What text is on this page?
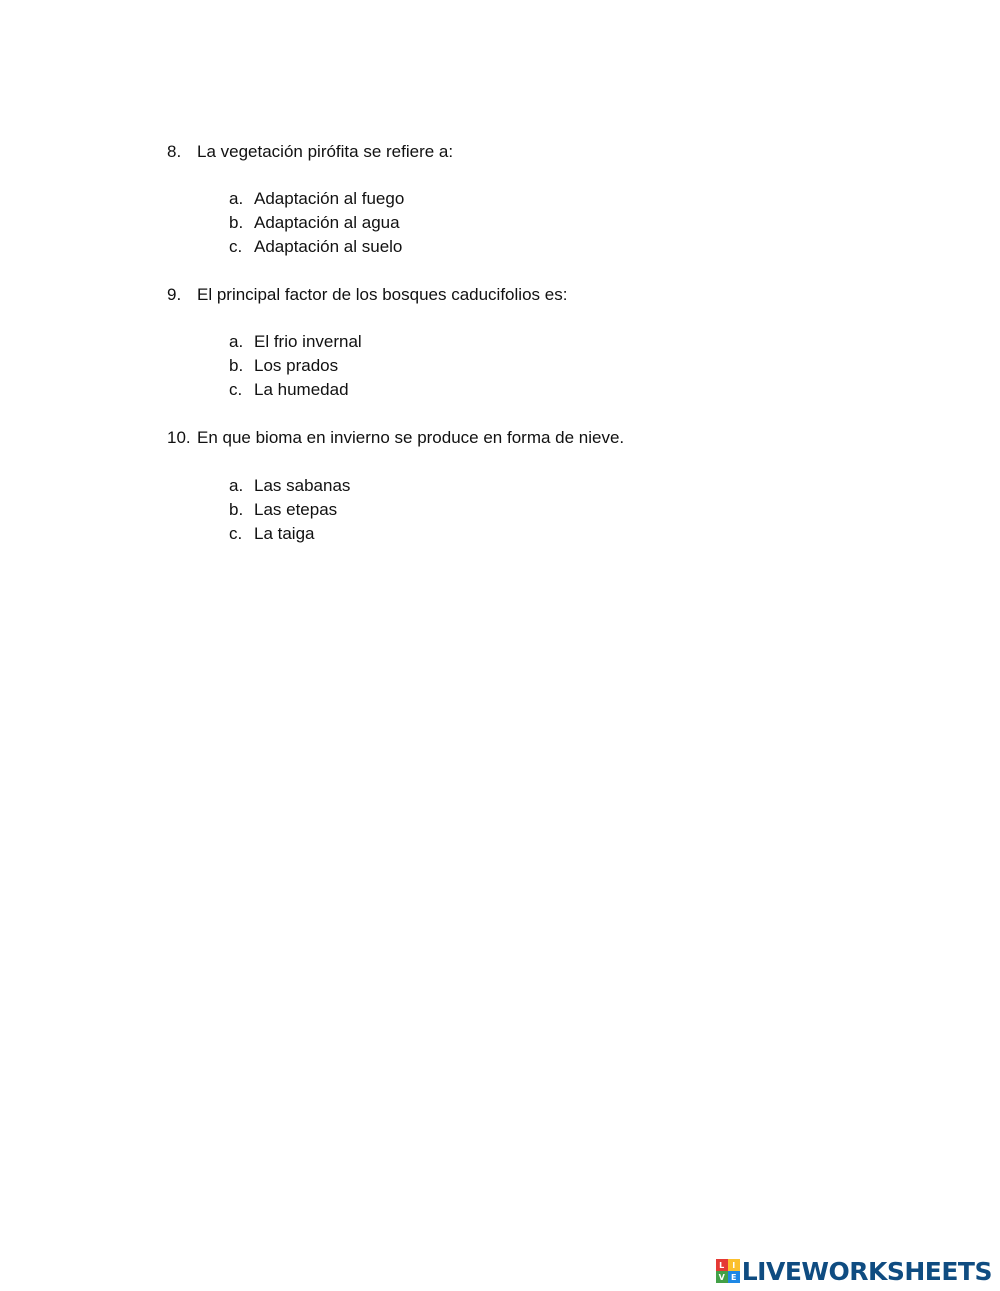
8. La vegetación pirófita se refiere a:
a. Adaptación al fuego
b. Adaptación al agua
c. Adaptación al suelo
9. El principal factor de los bosques caducifolios es:
a. El frio invernal
b. Los prados
c. La humedad
10. En que bioma en invierno se produce en forma de nieve.
a. Las sabanas
b. Las etepas
c. La taiga
L I
V E LIVEWORKSHEETS
